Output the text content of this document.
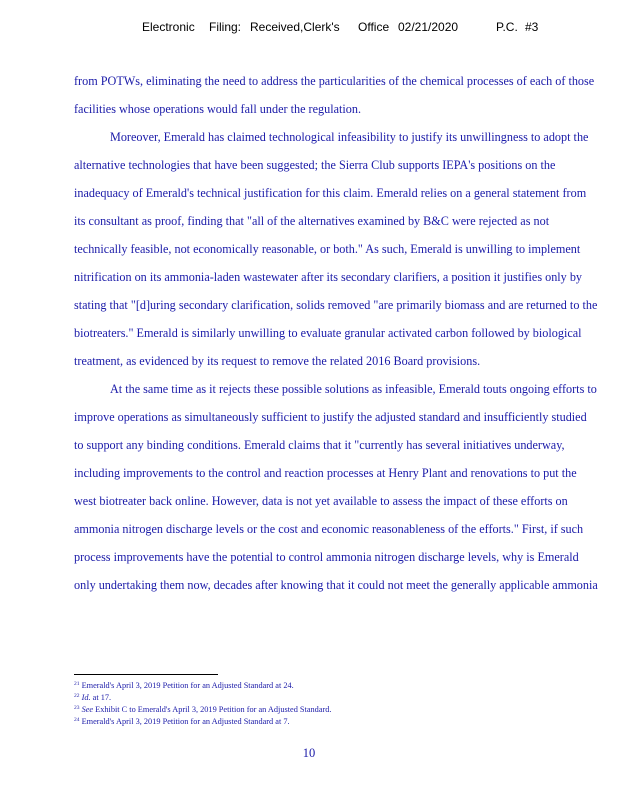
Electronic Filing: Received,Clerk's Office 02/21/2020	P.C. #3

from POTWs, eliminating the need to address the particularities of the chemical processes of each of those facilities whose operations would fall under the regulation.

Moreover, Emerald has claimed technological infeasibility to justify its unwillingness to adopt the alternative technologies that have been suggested; the Sierra Club supports IEPA's positions on the inadequacy of Emerald's technical justification for this claim. Emerald relies on a general statement from its consultant as proof, finding that "all of the alternatives examined by B&C were rejected as not technically feasible, not economically reasonable, or both." As such, Emerald is unwilling to implement nitrification on its ammonia-laden wastewater after its secondary clarifiers, a position it justifies only by stating that "[d]uring secondary clarification, solids removed "are primarily biomass and are returned to the biotreaters." Emerald is similarly unwilling to evaluate granular activated carbon followed by biological treatment, as evidenced by its request to remove the related 2016 Board provisions.

At the same time as it rejects these possible solutions as infeasible, Emerald touts ongoing efforts to improve operations as simultaneously sufficient to justify the adjusted standard and insufficiently studied to support any binding conditions. Emerald claims that it "currently has several initiatives underway, including improvements to the control and reaction processes at Henry Plant and renovations to put the west biotreater back online. However, data is not yet available to assess the impact of these efforts on ammonia nitrogen discharge levels or the cost and economic reasonableness of the efforts." First, if such process improvements have the potential to control ammonia nitrogen discharge levels, why is Emerald only undertaking them now, decades after knowing that it could not meet the generally applicable ammonia

$^{21}$ Emerald's April 3, 2019 Petition for an Adjusted Standard at 24.
$^{22}$ Id. at 17.
$^{23}$ See Exhibit C to Emerald's April 3, 2019 Petition for an Adjusted Standard.
$^{24}$ Emerald's April 3, 2019 Petition for an Adjusted Standard at 7.
10
